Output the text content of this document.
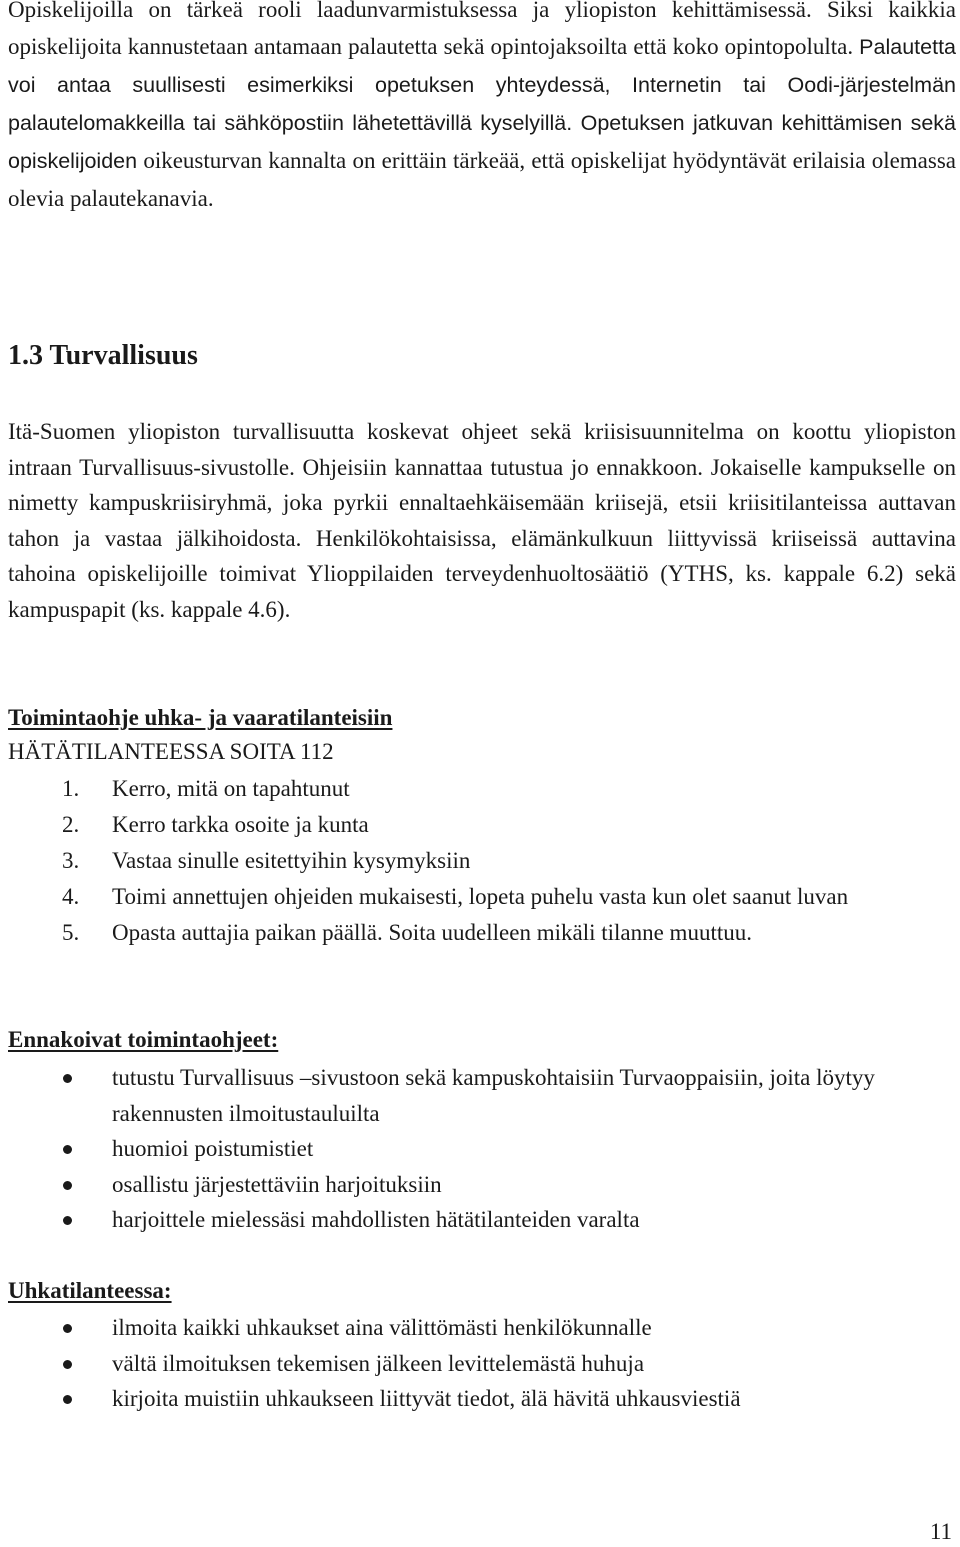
Opiskelijoilla on tärkeä rooli laadunvarmistuksessa ja yliopiston kehittämisessä. Siksi kaikkia opiskelijoita kannustetaan antamaan palautetta sekä opintojaksoilta että koko opintopolulta. Palautetta voi antaa suullisesti esimerkiksi opetuksen yhteydessä, Internetin tai Oodi-järjestelmän palautelomakkeilla tai sähköpostiin lähetettävillä kyselyillä. Opetuksen jatkuvan kehittämisen sekä opiskelijoiden oikeusturvan kannalta on erittäin tärkeää, että opiskelijat hyödyntävät erilaisia olemassa olevia palautekanavia.

1.3 Turvallisuus

Itä-Suomen yliopiston turvallisuutta koskevat ohjeet sekä kriisisuunnitelma on koottu yliopiston intraan Turvallisuus-sivustolle. Ohjeisiin kannattaa tutustua jo ennakkoon. Jokaiselle kampukselle on nimetty kampuskriisiryhmä, joka pyrkii ennaltaehkäisemään kriisejä, etsii kriisitilanteissa auttavan tahon ja vastaa jälkihoidosta. Henkilökohtaisissa, elämänkulkuun liittyvissä kriiseissä auttavina tahoina opiskelijoille toimivat Ylioppilaiden terveydenhuoltosäätiö (YTHS, ks. kappale 6.2) sekä kampuspapit (ks. kappale 4.6).

Toimintaohje uhka- ja vaaratilanteisiin

HÄTÄTILANTEESSA SOITA 112

1. Kerro, mitä on tapahtunut
2. Kerro tarkka osoite ja kunta
3. Vastaa sinulle esitettyihin kysymyksiin
4. Toimi annettujen ohjeiden mukaisesti, lopeta puhelu vasta kun olet saanut luvan
5. Opasta auttajia paikan päällä. Soita uudelleen mikäli tilanne muuttuu.
Ennakoivat toimintaohjeet:
tutustu Turvallisuus –sivustoon sekä kampuskohtaisiin Turvaoppaisiin, joita löytyy rakennusten ilmoitustauluilta
huomioi poistumistiet
osallistu järjestettäviin harjoituksiin
harjoittele mielessäsi mahdollisten hätätilanteiden varalta
Uhkatilanteessa:
ilmoita kaikki uhkaukset aina välittömästi henkilökunnalle
vältä ilmoituksen tekemisen jälkeen levittelemästä huhuja
kirjoita muistiin uhkaukseen liittyvät tiedot, älä hävitä uhkausviestiä

11
